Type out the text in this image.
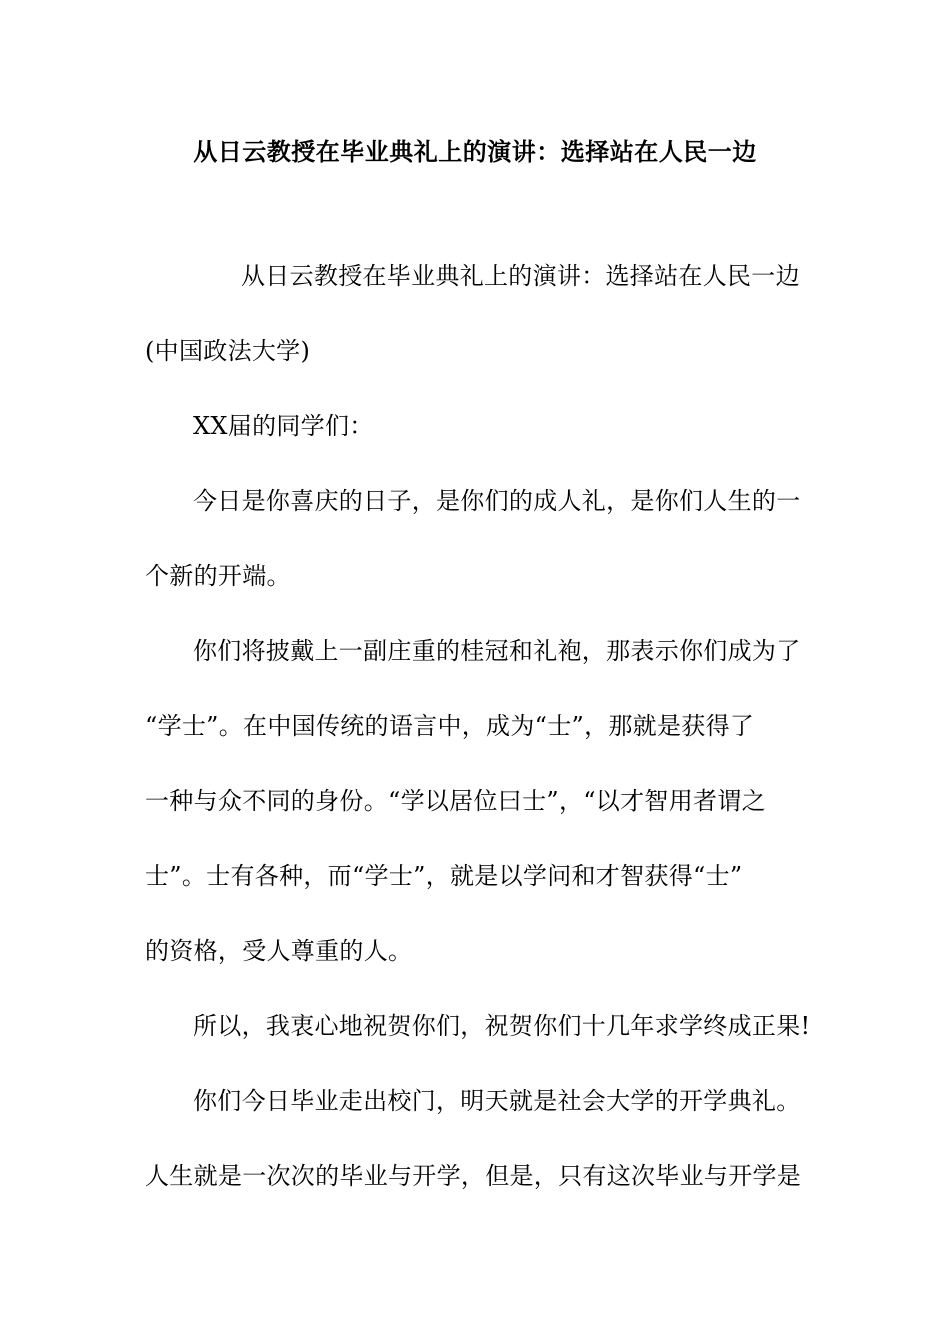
从日云教授在毕业典礼上的演讲：选择站在人民一边
从日云教授在毕业典礼上的演讲：选择站在人民一边
(中国政法大学)
XX届的同学们：
今日是你喜庆的日子，是你们的成人礼，是你们人生的一
个新的开端。
你们将披戴上一副庄重的桂冠和礼袍，那表示你们成为了
“学士”。在中国传统的语言中，成为“士”，那就是获得了
一种与众不同的身份。“学以居位曰士”，“以才智用者谓之
士”。士有各种，而“学士”，就是以学问和才智获得“士”
的资格，受人尊重的人。
所以，我衷心地祝贺你们，祝贺你们十几年求学终成正果!
你们今日毕业走出校门，明天就是社会大学的开学典礼。
人生就是一次次的毕业与开学，但是，只有这次毕业与开学是
